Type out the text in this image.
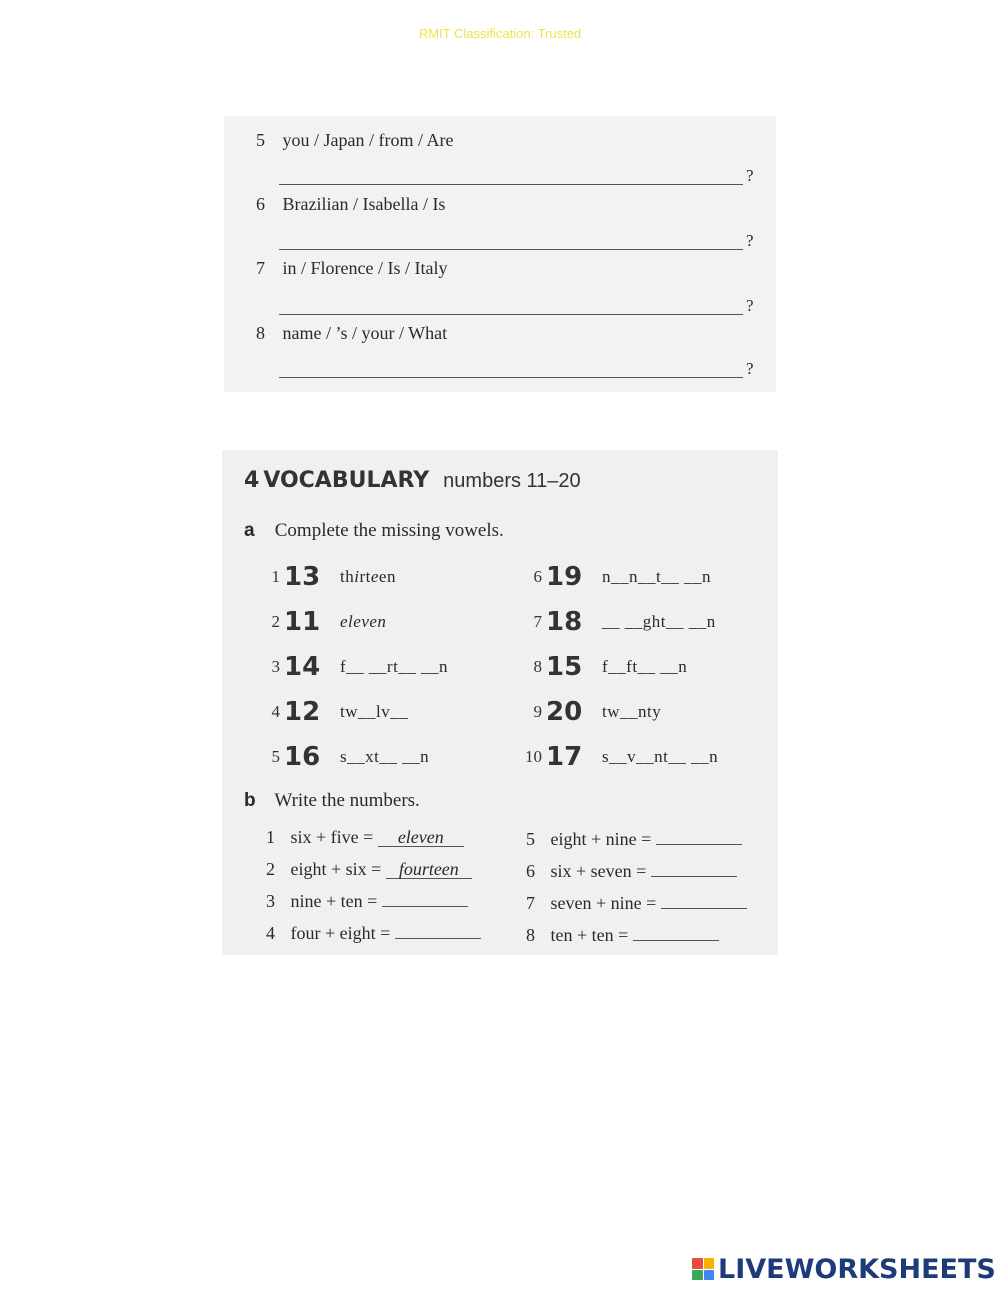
RMIT Classification: Trusted
5 you / Japan / from / Are
?
6 Brazilian / Isabella / Is
?
7 in / Florence / Is / Italy
?
8 name / ’s / your / What
?
4 VOCABULARY numbers 11–20
a Complete the missing vowels.
1 13 thirteen
2 11 eleven
3 14 f__ __rt__ __n
4 12 tw__lv__
5 16 s__xt__ __n
6 19 n__n__t__ __n
7 18 __ __ght__ __n
8 15 f__ft__ __n
9 20 tw__nty
10 17 s__v__nt__ __n
b Write the numbers.
1 six + five = eleven
2 eight + six = fourteen
3 nine + ten =
4 four + eight =
5 eight + nine =
6 six + seven =
7 seven + nine =
8 ten + ten =
LIVEWORKSHEETS
